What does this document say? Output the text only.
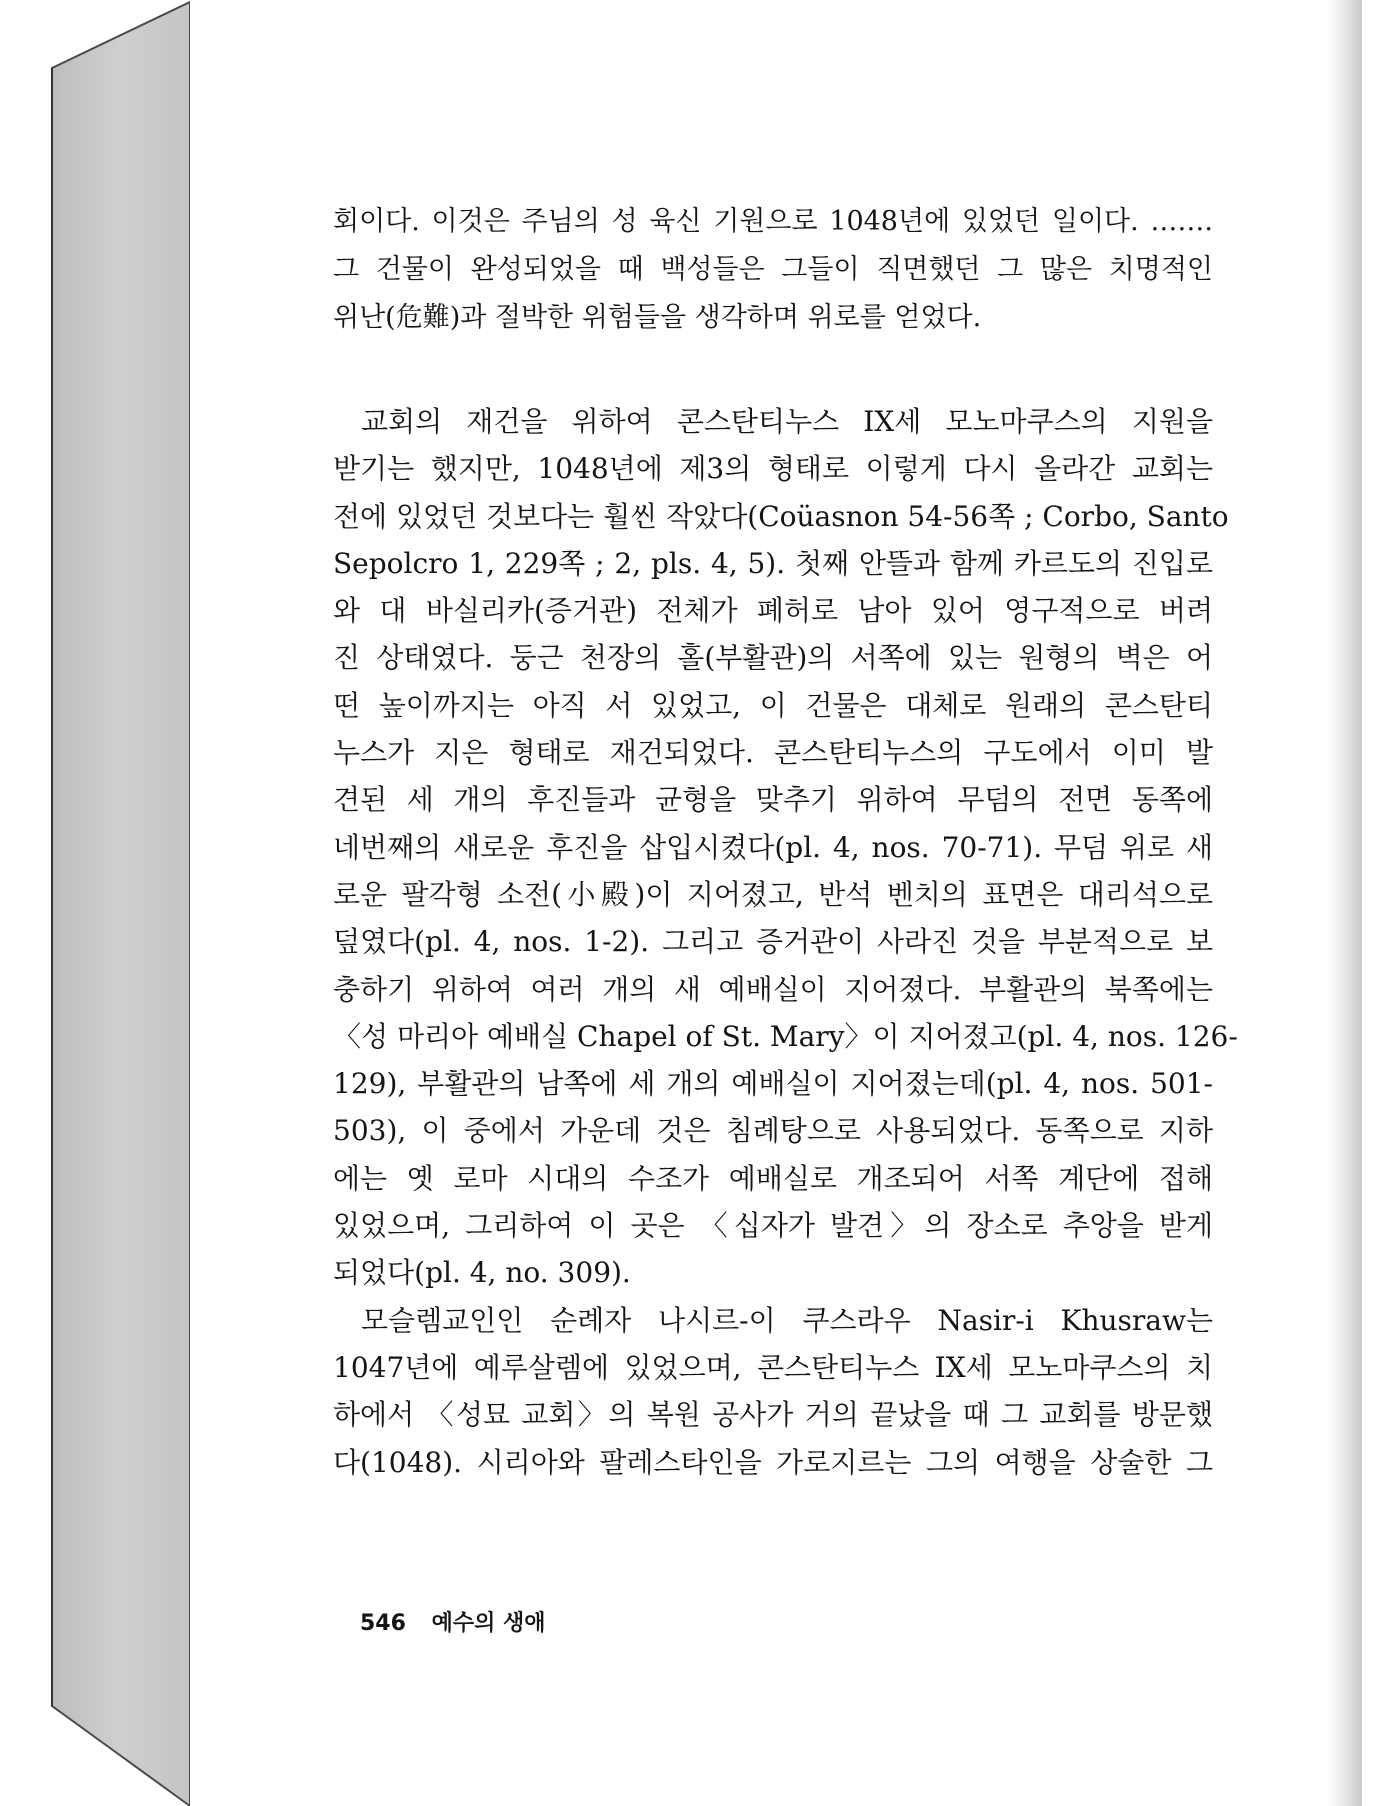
회이다. 이것은 주님의 성 육신 기원으로 1048년에 있었던 일이다. …….
그 건물이 완성되었을 때 백성들은 그들이 직면했던 그 많은 치명적인
위난(危難)과 절박한 위험들을 생각하며 위로를 얻었다.
교회의 재건을 위하여 콘스탄티누스 IX세 모노마쿠스의 지원을
받기는 했지만, 1048년에 제3의 형태로 이렇게 다시 올라간 교회는
전에 있었던 것보다는 훨씬 작았다(Coüasnon 54-56쪽 ; Corbo, Santo
Sepolcro 1, 229쪽 ; 2, pls. 4, 5). 첫째 안뜰과 함께 카르도의 진입로
와 대 바실리카(증거관) 전체가 폐허로 남아 있어 영구적으로 버려
진 상태였다. 둥근 천장의 홀(부활관)의 서쪽에 있는 원형의 벽은 어
떤 높이까지는 아직 서 있었고, 이 건물은 대체로 원래의 콘스탄티
누스가 지은 형태로 재건되었다. 콘스탄티누스의 구도에서 이미 발
견된 세 개의 후진들과 균형을 맞추기 위하여 무덤의 전면 동쪽에
네번째의 새로운 후진을 삽입시켰다(pl. 4, nos. 70-71). 무덤 위로 새
로운 팔각형 소전(小殿)이 지어졌고, 반석 벤치의 표면은 대리석으로
덮였다(pl. 4, nos. 1-2). 그리고 증거관이 사라진 것을 부분적으로 보
충하기 위하여 여러 개의 새 예배실이 지어졌다. 부활관의 북쪽에는
〈성 마리아 예배실 Chapel of St. Mary〉이 지어졌고(pl. 4, nos. 126-
129), 부활관의 남쪽에 세 개의 예배실이 지어졌는데(pl. 4, nos. 501-
503), 이 중에서 가운데 것은 침례탕으로 사용되었다. 동쪽으로 지하
에는 옛 로마 시대의 수조가 예배실로 개조되어 서쪽 계단에 접해
있었으며, 그리하여 이 곳은 〈십자가 발견〉의 장소로 추앙을 받게
되었다(pl. 4, no. 309).
모슬렘교인인 순례자 나시르-이 쿠스라우 Nasir-i Khusraw는
1047년에 예루살렘에 있었으며, 콘스탄티누스 IX세 모노마쿠스의 치
하에서 〈성묘 교회〉의 복원 공사가 거의 끝났을 때 그 교회를 방문했
다(1048). 시리아와 팔레스타인을 가로지르는 그의 여행을 상술한 그
546 예수의 생애
